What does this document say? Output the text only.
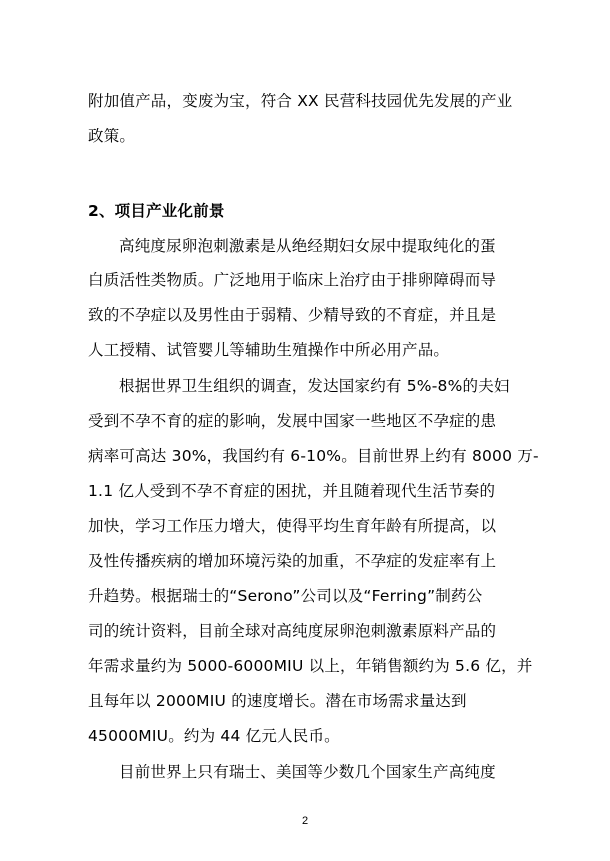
附加值产品，变废为宝，符合 XX 民营科技园优先发展的产业
政策。
2、项目产业化前景
高纯度尿卵泡刺激素是从绝经期妇女尿中提取纯化的蛋
白质活性类物质。广泛地用于临床上治疗由于排卵障碍而导
致的不孕症以及男性由于弱精、少精导致的不育症，并且是
人工授精、试管婴儿等辅助生殖操作中所必用产品。
根据世界卫生组织的调查，发达国家约有 5%-8%的夫妇
受到不孕不育的症的影响，发展中国家一些地区不孕症的患
病率可高达 30%，我国约有 6-10%。目前世界上约有 8000 万-
1.1 亿人受到不孕不育症的困扰，并且随着现代生活节奏的
加快，学习工作压力增大，使得平均生育年龄有所提高，以
及性传播疾病的增加环境污染的加重，不孕症的发症率有上
升趋势。根据瑞士的“Serono”公司以及“Ferring”制药公
司的统计资料，目前全球对高纯度尿卵泡刺激素原料产品的
年需求量约为 5000-6000MIU 以上，年销售额约为 5.6 亿，并
且每年以 2000MIU 的速度增长。潜在市场需求量达到
45000MIU。约为 44 亿元人民币。
目前世界上只有瑞士、美国等少数几个国家生产高纯度
2
